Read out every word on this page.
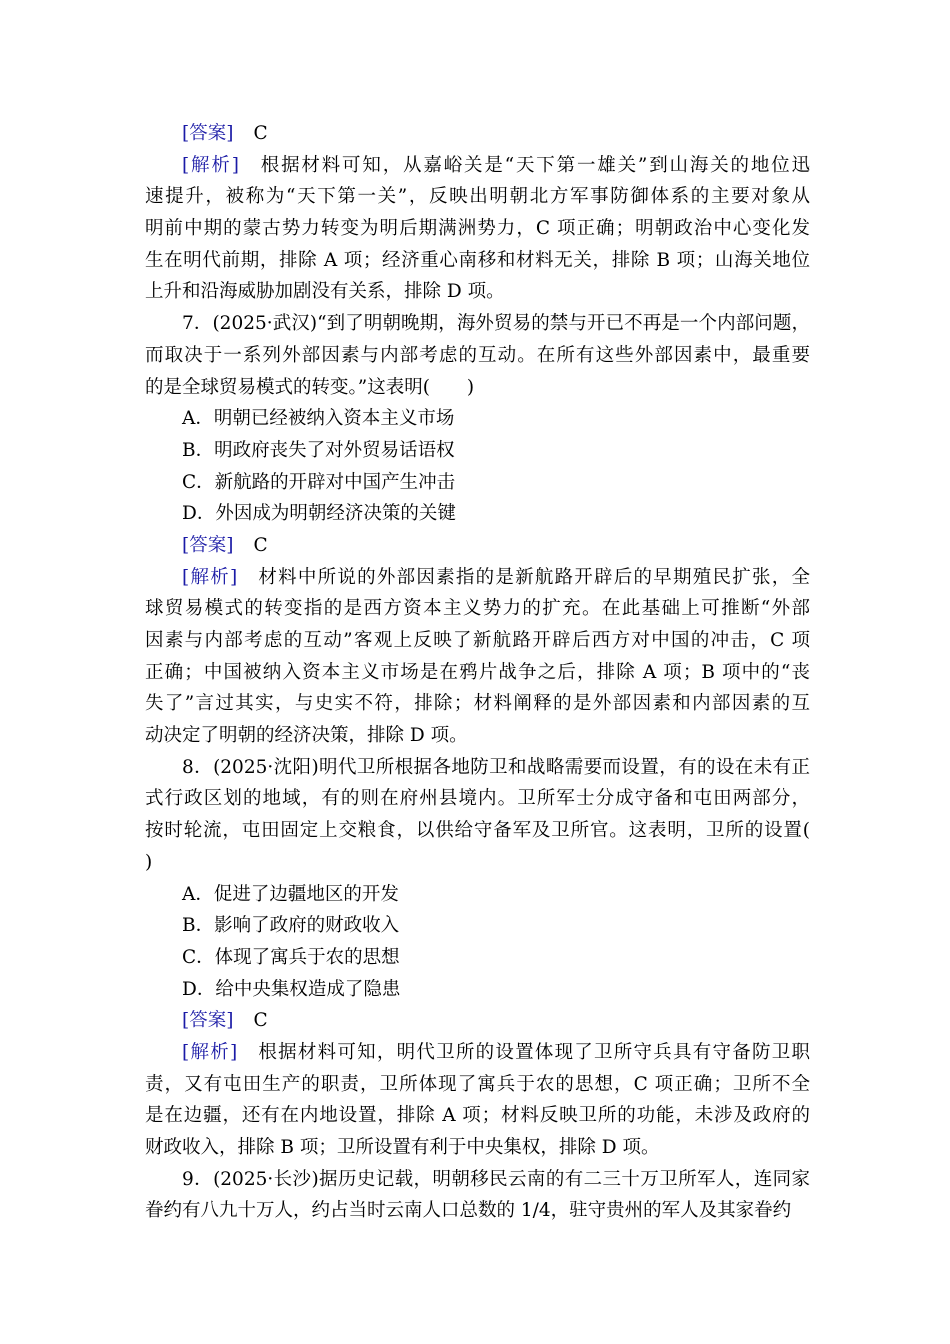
[答案] C
[解析] 根据材料可知，从嘉峪关是“天下第一雄关”到山海关的地位迅
速提升，被称为“天下第一关”，反映出明朝北方军事防御体系的主要对象从
明前中期的蒙古势力转变为明后期满洲势力，C 项正确；明朝政治中心变化发
生在明代前期，排除 A 项；经济重心南移和材料无关，排除 B 项；山海关地位
上升和沿海威胁加剧没有关系，排除 D 项。
7．(2025·武汉)“到了明朝晚期，海外贸易的禁与开已不再是一个内部问题，
而取决于一系列外部因素与内部考虑的互动。在所有这些外部因素中，最重要
的是全球贸易模式的转变。”这表明(　　)
A．明朝已经被纳入资本主义市场
B．明政府丧失了对外贸易话语权
C．新航路的开辟对中国产生冲击
D．外因成为明朝经济决策的关键
[答案] C
[解析] 材料中所说的外部因素指的是新航路开辟后的早期殖民扩张，全
球贸易模式的转变指的是西方资本主义势力的扩充。在此基础上可推断“外部
因素与内部考虑的互动”客观上反映了新航路开辟后西方对中国的冲击，C 项
正确；中国被纳入资本主义市场是在鸦片战争之后，排除 A 项；B 项中的“丧
失了”言过其实，与史实不符，排除；材料阐释的是外部因素和内部因素的互
动决定了明朝的经济决策，排除 D 项。
8．(2025·沈阳)明代卫所根据各地防卫和战略需要而设置，有的设在未有正
式行政区划的地域，有的则在府州县境内。卫所军士分成守备和屯田两部分，
按时轮流，屯田固定上交粮食，以供给守备军及卫所官。这表明，卫所的设置(
)
A．促进了边疆地区的开发
B．影响了政府的财政收入
C．体现了寓兵于农的思想
D．给中央集权造成了隐患
[答案] C
[解析] 根据材料可知，明代卫所的设置体现了卫所守兵具有守备防卫职
责，又有屯田生产的职责，卫所体现了寓兵于农的思想，C 项正确；卫所不全
是在边疆，还有在内地设置，排除 A 项；材料反映卫所的功能，未涉及政府的
财政收入，排除 B 项；卫所设置有利于中央集权，排除 D 项。
9．(2025·长沙)据历史记载，明朝移民云南的有二三十万卫所军人，连同家
眷约有八九十万人，约占当时云南人口总数的 1/4，驻守贵州的军人及其家眷约
